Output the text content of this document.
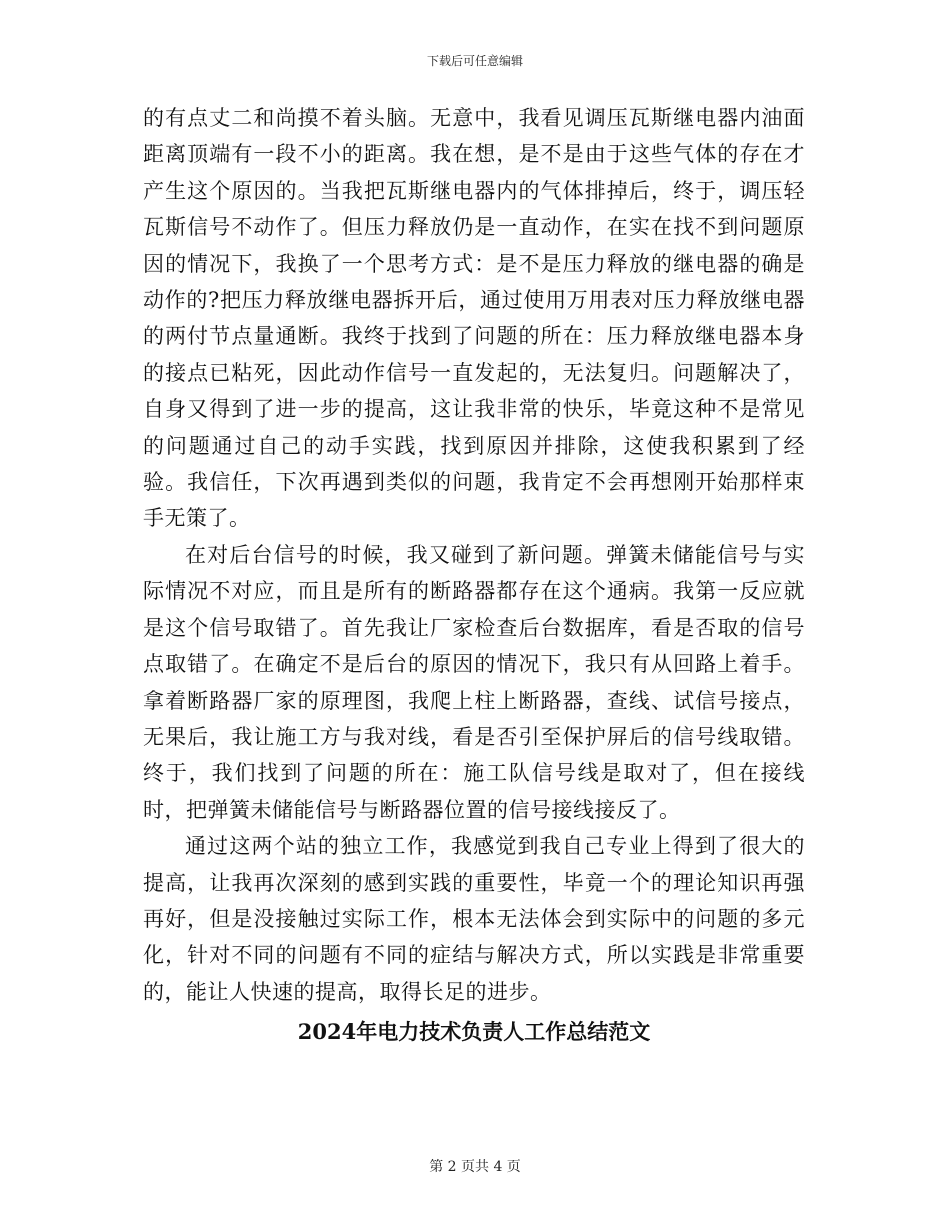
下载后可任意编辑

的有点丈二和尚摸不着头脑。无意中，我看见调压瓦斯继电器内油面距离顶端有一段不小的距离。我在想，是不是由于这些气体的存在才产生这个原因的。当我把瓦斯继电器内的气体排掉后，终于，调压轻瓦斯信号不动作了。但压力释放仍是一直动作，在实在找不到问题原因的情况下，我换了一个思考方式：是不是压力释放的继电器的确是动作的?把压力释放继电器拆开后，通过使用万用表对压力释放继电器的两付节点量通断。我终于找到了问题的所在：压力释放继电器本身的接点已粘死，因此动作信号一直发起的，无法复归。问题解决了，自身又得到了进一步的提高，这让我非常的快乐，毕竟这种不是常见的问题通过自己的动手实践，找到原因并排除，这使我积累到了经验。我信任，下次再遇到类似的问题，我肯定不会再想刚开始那样束手无策了。

在对后台信号的时候，我又碰到了新问题。弹簧未储能信号与实际情况不对应，而且是所有的断路器都存在这个通病。我第一反应就是这个信号取错了。首先我让厂家检查后台数据库，看是否取的信号点取错了。在确定不是后台的原因的情况下，我只有从回路上着手。拿着断路器厂家的原理图，我爬上柱上断路器，查线、试信号接点，无果后，我让施工方与我对线，看是否引至保护屏后的信号线取错。终于，我们找到了问题的所在：施工队信号线是取对了，但在接线时，把弹簧未储能信号与断路器位置的信号接线接反了。

通过这两个站的独立工作，我感觉到我自己专业上得到了很大的提高，让我再次深刻的感到实践的重要性，毕竟一个的理论知识再强再好，但是没接触过实际工作，根本无法体会到实际中的问题的多元化，针对不同的问题有不同的症结与解决方式，所以实践是非常重要的，能让人快速的提高，取得长足的进步。

2024年电力技术负责人工作总结范文

第 2 页共 4 页
